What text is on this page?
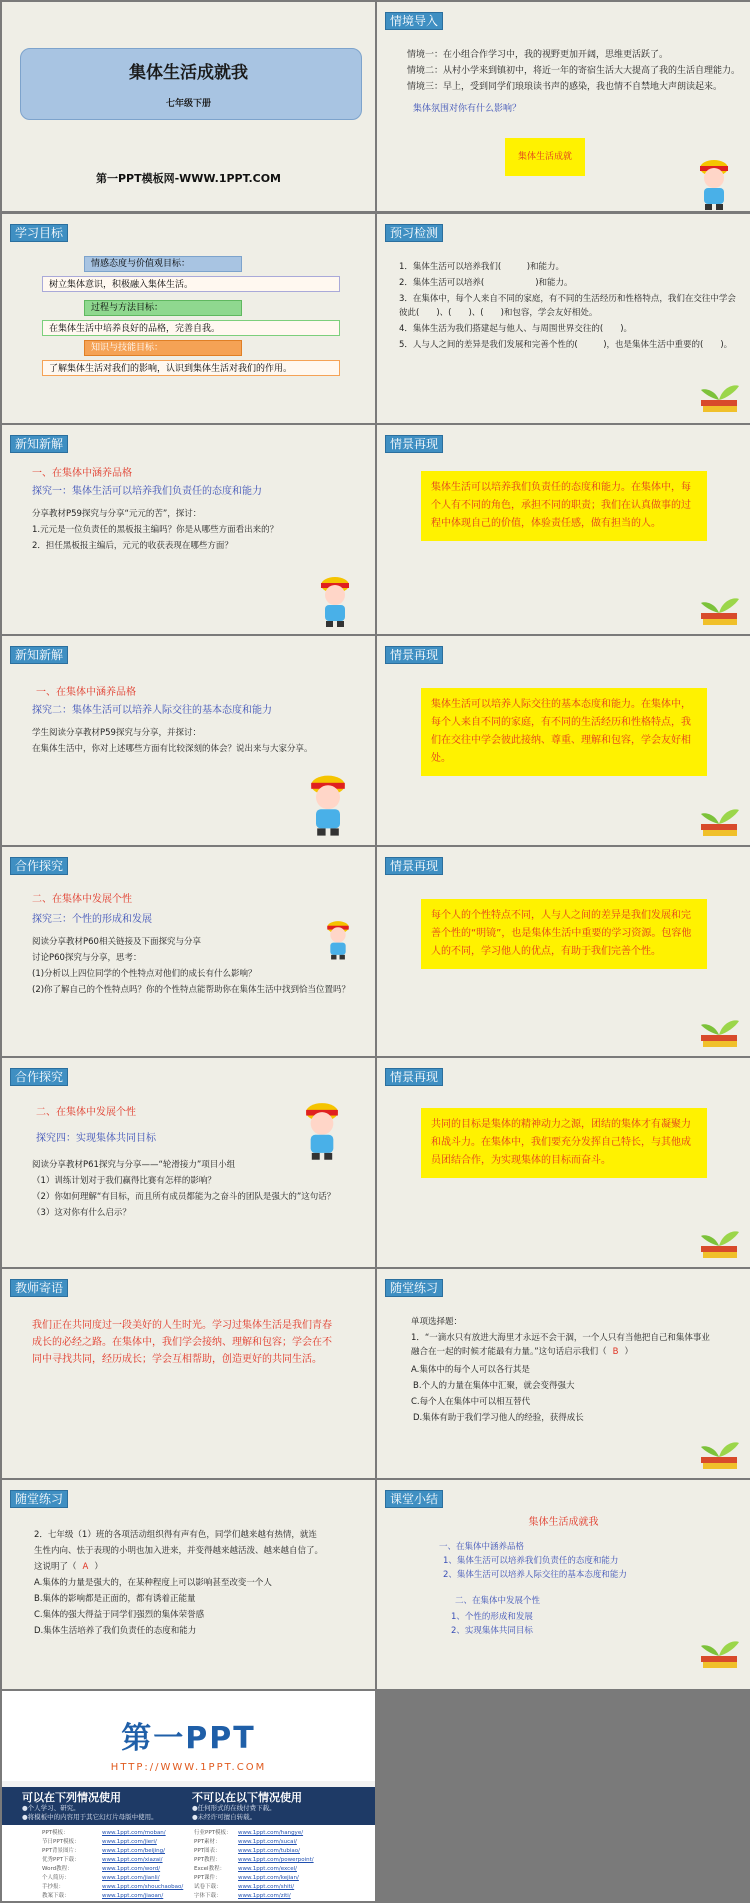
集体生活成就我
七年级下册
第一PPT模板网-WWW.1PPT.COM
情境导入
情境一：在小组合作学习中，我的视野更加开阔，思维更活跃了。
情境二：从村小学来到镇初中，将近一年的寄宿生活大大提高了我的生活自理能力。
情境三：早上，受到同学们琅琅读书声的感染，我也情不自禁地大声朗读起来。
集体氛围对你有什么影响？
集体生活成就
学习目标
情感态度与价值观目标：
树立集体意识，积极融入集体生活。
过程与方法目标：
在集体生活中培养良好的品格，完善自我。
知识与技能目标：
了解集体生活对我们的影响，认识到集体生活对我们的作用。
预习检测
1．集体生活可以培养我们(　　　)和能力。
2．集体生活可以培养(　　　　　　)和能力。
3．在集体中，每个人来自不同的家庭，有不同的生活经历和性格特点，我们在交往中学会
彼此(　　)、(　　)、(　　)和包容，学会友好相处。
4．集体生活为我们搭建起与他人、与周围世界交往的(　　)。
5．人与人之间的差异是我们发展和完善个性的(　　　)，也是集体生活中重要的(　　)。
新知新解
一、在集体中涵养品格
探究一：集体生活可以培养我们负责任的态度和能力
分享教材P59探究与分享“元元的苦”，探讨：
1.元元是一位负责任的黑板报主编吗？你是从哪些方面看出来的？
2．担任黑板报主编后，元元的收获表现在哪些方面？
情景再现
集体生活可以培养我们负责任的态度和能力。在集体中，每个人有不同的角色，承担不同的职责；我们在认真做事的过程中体现自己的价值，体验责任感，做有担当的人。
新知新解
一、在集体中涵养品格
探究二：集体生活可以培养人际交往的基本态度和能力
学生阅读分享教材P59探究与分享，并探讨：
在集体生活中，你对上述哪些方面有比较深刻的体会？说出来与大家分享。
情景再现
集体生活可以培养人际交往的基本态度和能力。在集体中，每个人来自不同的家庭，有不同的生活经历和性格特点，我们在交往中学会彼此接纳、尊重、理解和包容，学会友好相处。
合作探究
二、在集体中发展个性
探究三：个性的形成和发展
阅读分享教材P60相关链接及下面探究与分享
讨论P60探究与分享，思考：
(1)分析以上四位同学的个性特点对他们的成长有什么影响？
(2)你了解自己的个性特点吗？你的个性特点能帮助你在集体生活中找到恰当位置吗？
情景再现
每个人的个性特点不同，人与人之间的差异是我们发展和完善个性的“明镜”，也是集体生活中重要的学习资源。包容他人的不同，学习他人的优点，有助于我们完善个性。
合作探究
二、在集体中发展个性
探究四：实现集体共同目标
阅读分享教材P61探究与分享——“轮滑接力”项目小组
（1）训练计划对于我们赢得比赛有怎样的影响？
（2）你如何理解“有目标，而且所有成员都能为之奋斗的团队是强大的”这句话？
（3）这对你有什么启示？
情景再现
共同的目标是集体的精神动力之源，团结的集体才有凝聚力和战斗力。在集体中，我们要充分发挥自己特长，与其他成员团结合作，为实现集体的目标而奋斗。
教师寄语
我们正在共同度过一段美好的人生时光。学习过集体生活是我们青春成长的必经之路。在集体中，我们学会接纳、理解和包容；学会在不同中寻找共同，经历成长；学会互相帮助，创造更好的共同生活。
随堂练习
单项选择题：
1．“一滴水只有放进大海里才永远不会干涸，一个人只有当他把自己和集体事业
融合在一起的时候才能最有力量。”这句话启示我们（ B ）
A.集体中的每个人可以各行其是
B.个人的力量在集体中汇聚，就会变得强大
C.每个人在集体中可以相互替代
D.集体有助于我们学习他人的经验，获得成长
随堂练习
2．七年级（1）班的各项活动组织得有声有色，同学们越来越有热情，就连
生性内向、怯于表现的小明也加入进来，并变得越来越活泼、越来越自信了。
这说明了（ A ）
A.集体的力量是强大的，在某种程度上可以影响甚至改变一个人
B.集体的影响都是正面的，都有诱着正能量
C.集体的强大得益于同学们强烈的集体荣誉感
D.集体生活培养了我们负责任的态度和能力
课堂小结
集体生活成就我
一、在集体中涵养品格
1、集体生活可以培养我们负责任的态度和能力
2、集体生活可以培养人际交往的基本态度和能力
二、在集体中发展个性
1、个性的形成和发展
2、实现集体共同目标
第一PPT
HTTP://WWW.1PPT.COM
可以在下列情况使用
●个人学习、研究。
●将模板中的内容用于其它幻灯片母版中使用。
不可以在以下情况使用
●任何形式的在线付费下载。
●未经许可擅自转载。
PPT模板：	www.1ppt.com/moban/	行业PPT模板： www.1ppt.com/hangye/
节日PPT模板：	www.1ppt.com/jieri/	PPT素材：	www.1ppt.com/sucai/
PPT背景图片：	www.1ppt.com/beijing/	PPT图表：	www.1ppt.com/tubiao/
优秀PPT下载：	www.1ppt.com/xiazai/	PPT教程：	www.1ppt.com/powerpoint/
Word教程：	www.1ppt.com/word/	Excel教程： www.1ppt.com/excel/
个人简历：	www.1ppt.com/jianli/	PPT课件：	www.1ppt.com/kejian/
手抄报：	www.1ppt.com/shouchaobao/ 试卷下载：	www.1ppt.com/shiti/
教案下载：	www.1ppt.com/jiaoan/	字体下载：	www.1ppt.com/ziti/
